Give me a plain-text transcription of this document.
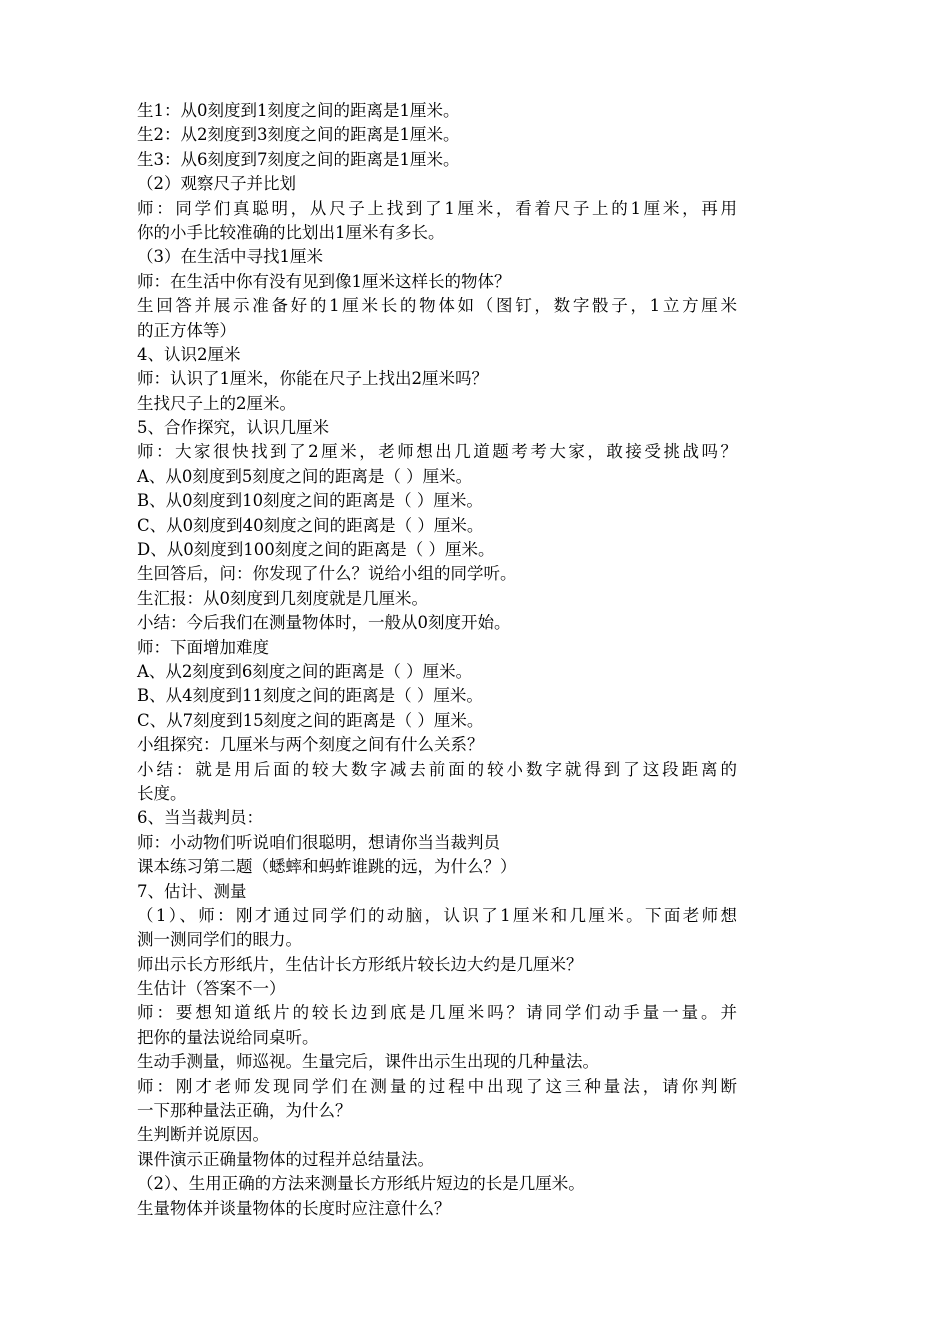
生1：从0刻度到1刻度之间的距离是1厘米。
生2：从2刻度到3刻度之间的距离是1厘米。
生3：从6刻度到7刻度之间的距离是1厘米。
（2）观察尺子并比划
师：同学们真聪明，从尺子上找到了1厘米，看着尺子上的1厘米，再用
你的小手比较准确的比划出1厘米有多长。
（3）在生活中寻找1厘米
师：在生活中你有没有见到像1厘米这样长的物体？
生回答并展示准备好的1厘米长的物体如（图钉，数字骰子，1立方厘米
的正方体等）
4、认识2厘米
师：认识了1厘米，你能在尺子上找出2厘米吗？
生找尺子上的2厘米。
5、合作探究，认识几厘米
师：大家很快找到了2厘米，老师想出几道题考考大家，敢接受挑战吗？
A、从0刻度到5刻度之间的距离是（ ）厘米。
B、从0刻度到10刻度之间的距离是（ ）厘米。
C、从0刻度到40刻度之间的距离是（ ）厘米。
D、从0刻度到100刻度之间的距离是（ ）厘米。
生回答后，问：你发现了什么？说给小组的同学听。
生汇报：从0刻度到几刻度就是几厘米。
小结：今后我们在测量物体时，一般从0刻度开始。
师：下面增加难度
A、从2刻度到6刻度之间的距离是（ ）厘米。
B、从4刻度到11刻度之间的距离是（ ）厘米。
C、从7刻度到15刻度之间的距离是（ ）厘米。
小组探究：几厘米与两个刻度之间有什么关系？
小结：就是用后面的较大数字减去前面的较小数字就得到了这段距离的
长度。
6、当当裁判员：
师：小动物们听说咱们很聪明，想请你当当裁判员
课本练习第二题（蟋蟀和蚂蚱谁跳的远，为什么？）
7、估计、测量
（1）、师：刚才通过同学们的动脑，认识了1厘米和几厘米。下面老师想
测一测同学们的眼力。
师出示长方形纸片，生估计长方形纸片较长边大约是几厘米？
生估计（答案不一）
师：要想知道纸片的较长边到底是几厘米吗？请同学们动手量一量。并
把你的量法说给同桌听。
生动手测量，师巡视。生量完后，课件出示生出现的几种量法。
师：刚才老师发现同学们在测量的过程中出现了这三种量法，请你判断
一下那种量法正确，为什么？
生判断并说原因。
课件演示正确量物体的过程并总结量法。
（2）、生用正确的方法来测量长方形纸片短边的长是几厘米。
生量物体并谈量物体的长度时应注意什么？
